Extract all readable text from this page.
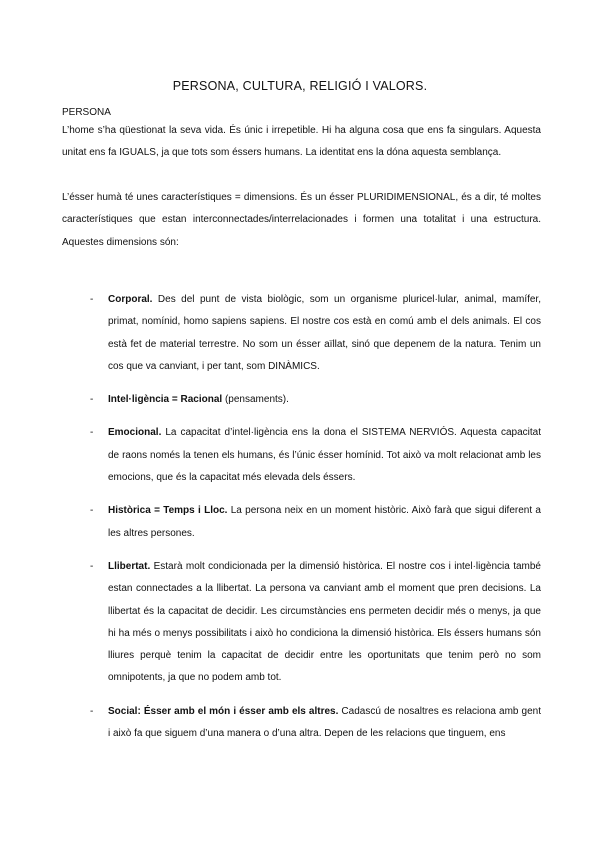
PERSONA, CULTURA, RELIGIÓ I VALORS.
PERSONA

L’home s’ha qüestionat la seva vida. És únic i irrepetible. Hi ha alguna cosa que ens fa singulars. Aquesta unitat ens fa IGUALS, ja que tots som éssers humans. La identitat ens la dóna aquesta semblança.

L’ésser humà té unes característiques = dimensions. És un ésser PLURIDIMENSIONAL, és a dir, té moltes característiques que estan interconnectades/interrelacionades i formen una totalitat i una estructura. Aquestes dimensions són:

- Corporal. Des del punt de vista biològic, som un organisme pluricel·lular, animal, mamífer, primat, nomínid, homo sapiens sapiens. El nostre cos està en comú amb el dels animals. El cos està fet de material terrestre. No som un ésser aïllat, sinó que depenem de la natura. Tenim un cos que va canviant, i per tant, som DINÀMICS.
- Intel·ligència = Racional (pensaments).
- Emocional. La capacitat d’intel·ligència ens la dona el SISTEMA NERVIÓS. Aquesta capacitat de raons només la tenen els humans, és l’únic ésser homínid. Tot això va molt relacionat amb les emocions, que és la capacitat més elevada dels éssers.
- Històrica = Temps i Lloc. La persona neix en un moment històric. Això farà que sigui diferent a les altres persones.
- Llibertat. Estarà molt condicionada per la dimensió històrica. El nostre cos i intel·ligència també estan connectades a la llibertat. La persona va canviant amb el moment que pren decisions. La llibertat és la capacitat de decidir. Les circumstàncies ens permeten decidir més o menys, ja que hi ha més o menys possibilitats i això ho condiciona la dimensió històrica. Els éssers humans són lliures perquè tenim la capacitat de decidir entre les oportunitats que tenim però no som omnipotents, ja que no podem amb tot.
- Social: Ésser amb el món i ésser amb els altres. Cadascú de nosaltres es relaciona amb gent i això fa que siguem d’una manera o d’una altra. Depen de les relacions que tinguem, ens
